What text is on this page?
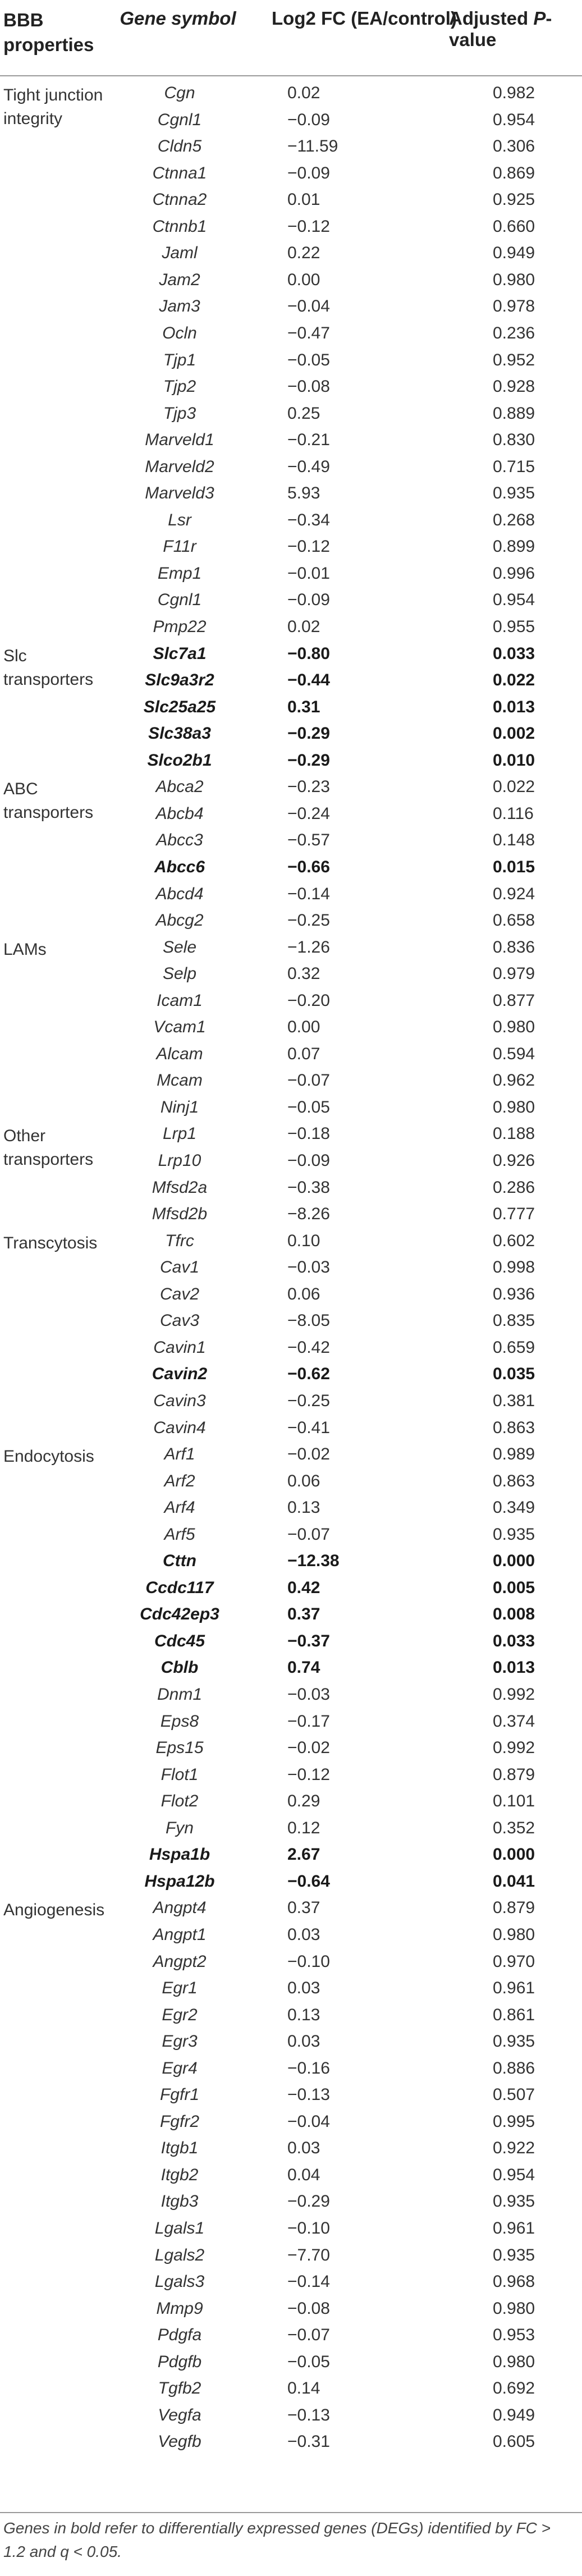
BBB properties
Gene symbol	Log2 FC (EA/control)
Adjusted P-value
Tight junction integrity
Cgn	0.02	0.982
Cgnl1	−0.09	0.954
Cldn5	−11.59	0.306
Ctnna1	−0.09	0.869
Ctnna2	0.01	0.925
Ctnnb1	−0.12	0.660
Jaml	0.22	0.949
Jam2	0.00	0.980
Jam3	−0.04	0.978
Ocln	−0.47	0.236
Tjp1	−0.05	0.952
Tjp2	−0.08	0.928
Tjp3	0.25	0.889
Marveld1	−0.21	0.830
Marveld2	−0.49	0.715
Marveld3	5.93	0.935
Lsr	−0.34	0.268
F11r	−0.12	0.899
Emp1	−0.01	0.996
Cgnl1	−0.09	0.954
Pmp22	0.02	0.955
Slc transporters
Slc7a1	−0.80	0.033
Slc9a3r2	−0.44	0.022
Slc25a25	0.31	0.013
Slc38a3	−0.29	0.002
Slco2b1	−0.29	0.010
ABC transporters
Abca2	−0.23	0.022
Abcb4	−0.24	0.116
Abcc3	−0.57	0.148
Abcc6	−0.66	0.015
Abcd4	−0.14	0.924
Abcg2	−0.25	0.658
LAMs	Sele	−1.26	0.836
Selp	0.32	0.979
Icam1	−0.20	0.877
Vcam1	0.00	0.980
Alcam	0.07	0.594
Mcam	−0.07	0.962
Ninj1	−0.05	0.980
Other transporters
Lrp1	−0.18	0.188
Lrp10	−0.09	0.926
Mfsd2a	−0.38	0.286
Mfsd2b	−8.26	0.777
Transcytosis	Tfrc	0.10	0.602
Cav1	−0.03	0.998
Cav2	0.06	0.936
Cav3	−8.05	0.835
Cavin1	−0.42	0.659
Cavin2	−0.62	0.035
Cavin3	−0.25	0.381
Cavin4	−0.41	0.863
Endocytosis	Arf1	−0.02	0.989
Arf2	0.06	0.863
Arf4	0.13	0.349
Arf5	−0.07	0.935
Cttn	−12.38	0.000
Ccdc117	0.42	0.005
Cdc42ep3	0.37	0.008
Cdc45	−0.37	0.033
Cblb	0.74	0.013
Dnm1	−0.03	0.992
Eps8	−0.17	0.374
Eps15	−0.02	0.992
Flot1	−0.12	0.879
Flot2	0.29	0.101
Fyn	0.12	0.352
Hspa1b	2.67	0.000
Hspa12b	−0.64	0.041
Angiogenesis	Angpt4	0.37	0.879
Angpt1	0.03	0.980
Angpt2	−0.10	0.970
Egr1	0.03	0.961
Egr2	0.13	0.861
Egr3	0.03	0.935
Egr4	−0.16	0.886
Fgfr1	−0.13	0.507
Fgfr2	−0.04	0.995
Itgb1	0.03	0.922
Itgb2	0.04	0.954
Itgb3	−0.29	0.935
Lgals1	−0.10	0.961
Lgals2	−7.70	0.935
Lgals3	−0.14	0.968
Mmp9	−0.08	0.980
Pdgfa	−0.07	0.953
Pdgfb	−0.05	0.980
Tgfb2	0.14	0.692
Vegfa	−0.13	0.949
Vegfb	−0.31	0.605
Genes in bold refer to differentially expressed genes (DEGs) identified by FC > 1.2 and q < 0.05.
